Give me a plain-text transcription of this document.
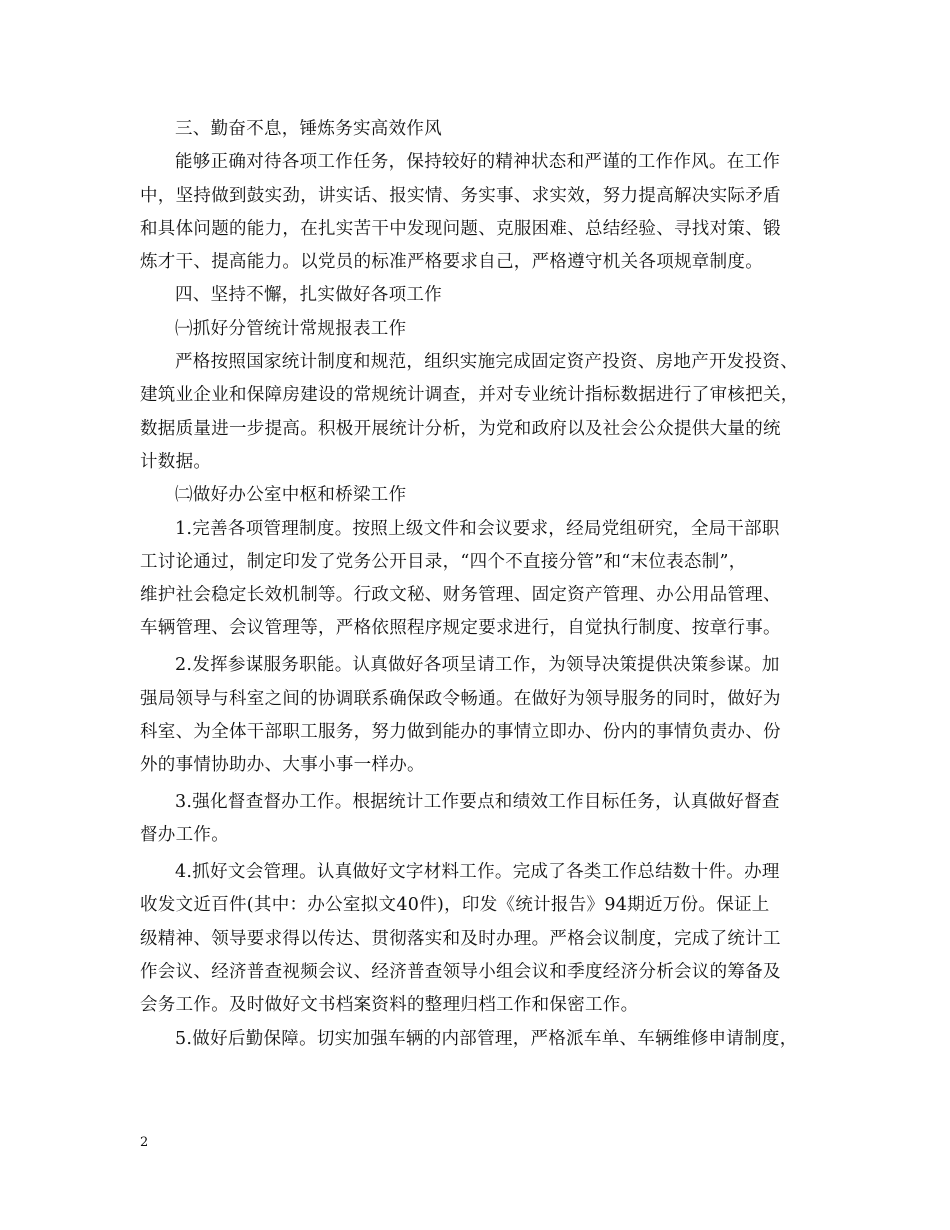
三、勤奋不息，锤炼务实高效作风
能够正确对待各项工作任务，保持较好的精神状态和严谨的工作作风。在工作
中，坚持做到鼓实劲，讲实话、报实情、务实事、求实效，努力提高解决实际矛盾
和具体问题的能力，在扎实苦干中发现问题、克服困难、总结经验、寻找对策、锻
炼才干、提高能力。以党员的标准严格要求自己，严格遵守机关各项规章制度。
四、坚持不懈，扎实做好各项工作
㈠抓好分管统计常规报表工作
严格按照国家统计制度和规范，组织实施完成固定资产投资、房地产开发投资、
建筑业企业和保障房建设的常规统计调查，并对专业统计指标数据进行了审核把关，
数据质量进一步提高。积极开展统计分析，为党和政府以及社会公众提供大量的统
计数据。
㈡做好办公室中枢和桥梁工作
1.完善各项管理制度。按照上级文件和会议要求，经局党组研究，全局干部职
工讨论通过，制定印发了党务公开目录，“四个不直接分管”和“末位表态制”，
维护社会稳定长效机制等。行政文秘、财务管理、固定资产管理、办公用品管理、
车辆管理、会议管理等，严格依照程序规定要求进行，自觉执行制度、按章行事。
2.发挥参谋服务职能。认真做好各项呈请工作，为领导决策提供决策参谋。加
强局领导与科室之间的协调联系确保政令畅通。在做好为领导服务的同时，做好为
科室、为全体干部职工服务，努力做到能办的事情立即办、份内的事情负责办、份
外的事情协助办、大事小事一样办。
3.强化督查督办工作。根据统计工作要点和绩效工作目标任务，认真做好督查
督办工作。
4.抓好文会管理。认真做好文字材料工作。完成了各类工作总结数十件。办理
收发文近百件(其中：办公室拟文40件)，印发《统计报告》94期近万份。保证上
级精神、领导要求得以传达、贯彻落实和及时办理。严格会议制度，完成了统计工
作会议、经济普查视频会议、经济普查领导小组会议和季度经济分析会议的筹备及
会务工作。及时做好文书档案资料的整理归档工作和保密工作。
5.做好后勤保障。切实加强车辆的内部管理，严格派车单、车辆维修申请制度，
2
